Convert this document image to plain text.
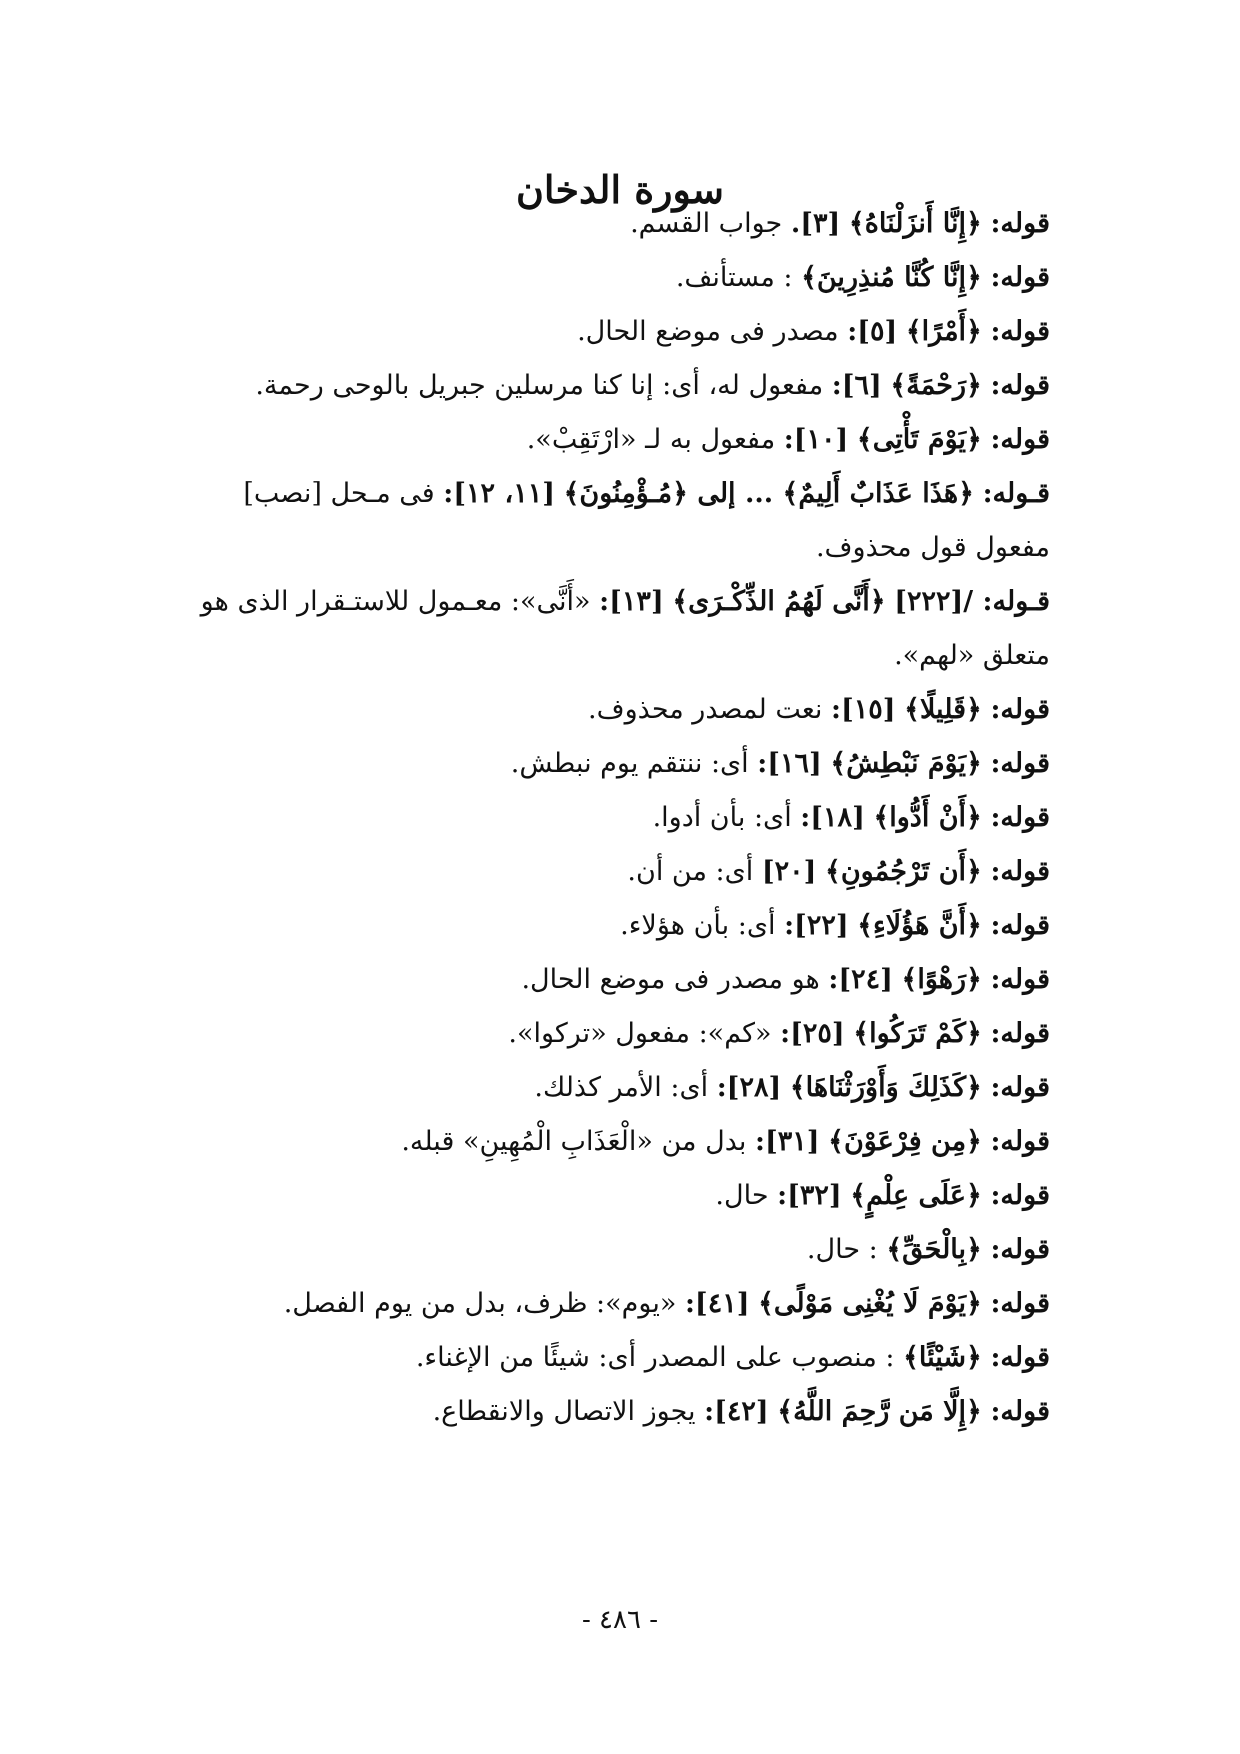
سورة الدخان
قوله: ﴿إِنَّا أَنزَلْنَاهُ﴾ [٣]. جواب القسم.
قوله: ﴿إِنَّا كُنَّا مُنذِرِينَ﴾ : مستأنف.
قوله: ﴿أَمْرًا﴾ [٥]: مصدر فى موضع الحال.
قوله: ﴿رَحْمَةً﴾ [٦]: مفعول له، أى: إنا كنا مرسلين جبريل بالوحى رحمة.
قوله: ﴿يَوْمَ تَأْتِى﴾ [١٠]: مفعول به لـ «ارْتَقِبْ».
قـوله: ﴿هَذَا عَذَابٌ أَلِيمٌ﴾ ... إلى ﴿مُـؤْمِنُونَ﴾ [١١، ١٢]: فى مـحل [نصب]
مفعول قول محذوف.
قـوله: /[٢٢٢] ﴿أَنَّى لَهُمُ الذِّكْـرَى﴾ [١٣]: «أَنَّى»: معـمول للاستـقرار الذى هو
متعلق «لهم».
قوله: ﴿قَلِيلًا﴾ [١٥]: نعت لمصدر محذوف.
قوله: ﴿يَوْمَ نَبْطِشُ﴾ [١٦]: أى: ننتقم يوم نبطش.
قوله: ﴿أَنْ أَدُّوا﴾ [١٨]: أى: بأن أدوا.
قوله: ﴿أَن تَرْجُمُونِ﴾ [٢٠] أى: من أن.
قوله: ﴿أَنَّ هَؤُلَاءِ﴾ [٢٢]: أى: بأن هؤلاء.
قوله: ﴿رَهْوًا﴾ [٢٤]: هو مصدر فى موضع الحال.
قوله: ﴿كَمْ تَرَكُوا﴾ [٢٥]: «كم»: مفعول «تركوا».
قوله: ﴿كَذَلِكَ وَأَوْرَثْنَاهَا﴾ [٢٨]: أى: الأمر كذلك.
قوله: ﴿مِن فِرْعَوْنَ﴾ [٣١]: بدل من «الْعَذَابِ الْمُهِينِ» قبله.
قوله: ﴿عَلَى عِلْمٍ﴾ [٣٢]: حال.
قوله: ﴿بِالْحَقِّ﴾ : حال.
قوله: ﴿يَوْمَ لَا يُغْنِى مَوْلًى﴾ [٤١]: «يوم»: ظرف، بدل من يوم الفصل.
قوله: ﴿شَيْئًا﴾ : منصوب على المصدر أى: شيئًا من الإغناء.
قوله: ﴿إِلَّا مَن رَّحِمَ اللَّهُ﴾ [٤٢]: يجوز الاتصال والانقطاع.
- ٤٨٦ -
